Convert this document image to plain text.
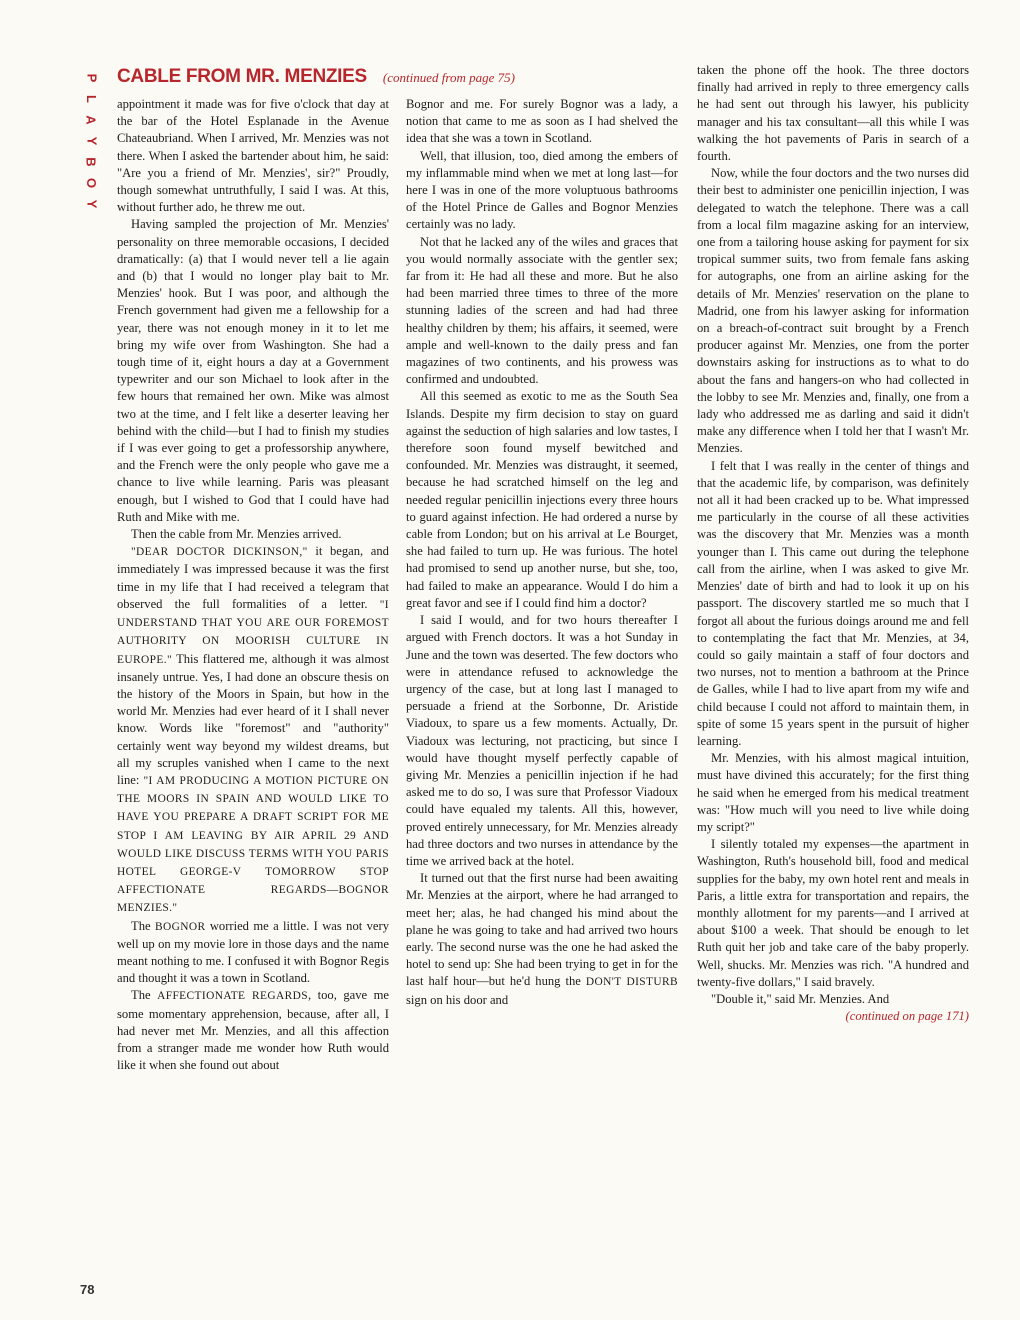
P
L
A
Y
B
O
Y
CABLE FROM MR. MENZIES (continued from page 75)

appointment it made was for five o'clock that day at the bar of the Hotel Esplanade in the Avenue Chateaubriand. When I arrived, Mr. Menzies was not there. When I asked the bartender about him, he said: "Are you a friend of Mr. Menzies', sir?" Proudly, though somewhat untruthfully, I said I was. At this, without further ado, he threw me out.

Having sampled the projection of Mr. Menzies' personality on three memorable occasions, I decided dramatically: (a) that I would never tell a lie again and (b) that I would no longer play bait to Mr. Menzies' hook. But I was poor, and although the French government had given me a fellowship for a year, there was not enough money in it to let me bring my wife over from Washington. She had a tough time of it, eight hours a day at a Government typewriter and our son Michael to look after in the few hours that remained her own. Mike was almost two at the time, and I felt like a deserter leaving her behind with the child—but I had to finish my studies if I was ever going to get a professorship anywhere, and the French were the only people who gave me a chance to live while learning. Paris was pleasant enough, but I wished to God that I could have had Ruth and Mike with me.

Then the cable from Mr. Menzies arrived.

"DEAR DOCTOR DICKINSON," it began, and immediately I was impressed because it was the first time in my life that I had received a telegram that observed the full formalities of a letter. "I UNDERSTAND THAT YOU ARE OUR FOREMOST AUTHORITY ON MOORISH CULTURE IN EUROPE." This flattered me, although it was almost insanely untrue. Yes, I had done an obscure thesis on the history of the Moors in Spain, but how in the world Mr. Menzies had ever heard of it I shall never know. Words like "foremost" and "authority" certainly went way beyond my wildest dreams, but all my scruples vanished when I came to the next line: "I AM PRODUCING A MOTION PICTURE ON THE MOORS IN SPAIN AND WOULD LIKE TO HAVE YOU PREPARE A DRAFT SCRIPT FOR ME STOP I AM LEAVING BY AIR APRIL 29 AND WOULD LIKE DISCUSS TERMS WITH YOU PARIS HOTEL GEORGE-V TOMORROW STOP AFFECTIONATE REGARDS—BOGNOR MENZIES."

The BOGNOR worried me a little. I was not very well up on my movie lore in those days and the name meant nothing to me. I confused it with Bognor Regis and thought it was a town in Scotland.

The AFFECTIONATE REGARDS, too, gave me some momentary apprehension, because, after all, I had never met Mr. Menzies, and all this affection from a stranger made me wonder how Ruth would like it when she found out about

Bognor and me. For surely Bognor was a lady, a notion that came to me as soon as I had shelved the idea that she was a town in Scotland.

Well, that illusion, too, died among the embers of my inflammable mind when we met at long last—for here I was in one of the more voluptuous bathrooms of the Hotel Prince de Galles and Bognor Menzies certainly was no lady.

Not that he lacked any of the wiles and graces that you would normally associate with the gentler sex; far from it: He had all these and more. But he also had been married three times to three of the more stunning ladies of the screen and had had three healthy children by them; his affairs, it seemed, were ample and well-known to the daily press and fan magazines of two continents, and his prowess was confirmed and undoubted.

All this seemed as exotic to me as the South Sea Islands. Despite my firm decision to stay on guard against the seduction of high salaries and low tastes, I therefore soon found myself bewitched and confounded. Mr. Menzies was distraught, it seemed, because he had scratched himself on the leg and needed regular penicillin injections every three hours to guard against infection. He had ordered a nurse by cable from London; but on his arrival at Le Bourget, she had failed to turn up. He was furious. The hotel had promised to send up another nurse, but she, too, had failed to make an appearance. Would I do him a great favor and see if I could find him a doctor?

I said I would, and for two hours thereafter I argued with French doctors. It was a hot Sunday in June and the town was deserted. The few doctors who were in attendance refused to acknowledge the urgency of the case, but at long last I managed to persuade a friend at the Sorbonne, Dr. Aristide Viadoux, to spare us a few moments. Actually, Dr. Viadoux was lecturing, not practicing, but since I would have thought myself perfectly capable of giving Mr. Menzies a penicillin injection if he had asked me to do so, I was sure that Professor Viadoux could have equaled my talents. All this, however, proved entirely unnecessary, for Mr. Menzies already had three doctors and two nurses in attendance by the time we arrived back at the hotel.

It turned out that the first nurse had been awaiting Mr. Menzies at the airport, where he had arranged to meet her; alas, he had changed his mind about the plane he was going to take and had arrived two hours early. The second nurse was the one he had asked the hotel to send up: She had been trying to get in for the last half hour—but he'd hung the DON'T DISTURB sign on his door and

taken the phone off the hook. The three doctors finally had arrived in reply to three emergency calls he had sent out through his lawyer, his publicity manager and his tax consultant—all this while I was walking the hot pavements of Paris in search of a fourth.

Now, while the four doctors and the two nurses did their best to administer one penicillin injection, I was delegated to watch the telephone. There was a call from a local film magazine asking for an interview, one from a tailoring house asking for payment for six tropical summer suits, two from female fans asking for autographs, one from an airline asking for the details of Mr. Menzies' reservation on the plane to Madrid, one from his lawyer asking for information on a breach-of-contract suit brought by a French producer against Mr. Menzies, one from the porter downstairs asking for instructions as to what to do about the fans and hangers-on who had collected in the lobby to see Mr. Menzies and, finally, one from a lady who addressed me as darling and said it didn't make any difference when I told her that I wasn't Mr. Menzies.

I felt that I was really in the center of things and that the academic life, by comparison, was definitely not all it had been cracked up to be. What impressed me particularly in the course of all these activities was the discovery that Mr. Menzies was a month younger than I. This came out during the telephone call from the airline, when I was asked to give Mr. Menzies' date of birth and had to look it up on his passport. The discovery startled me so much that I forgot all about the furious doings around me and fell to contemplating the fact that Mr. Menzies, at 34, could so gaily maintain a staff of four doctors and two nurses, not to mention a bathroom at the Prince de Galles, while I had to live apart from my wife and child because I could not afford to maintain them, in spite of some 15 years spent in the pursuit of higher learning.

Mr. Menzies, with his almost magical intuition, must have divined this accurately; for the first thing he said when he emerged from his medical treatment was: "How much will you need to live while doing my script?"

I silently totaled my expenses—the apartment in Washington, Ruth's household bill, food and medical supplies for the baby, my own hotel rent and meals in Paris, a little extra for transportation and repairs, the monthly allotment for my parents—and I arrived at about $100 a week. That should be enough to let Ruth quit her job and take care of the baby properly. Well, shucks. Mr. Menzies was rich. "A hundred and twenty-five dollars," I said bravely.

"Double it," said Mr. Menzies. And

(continued on page 171)
78
